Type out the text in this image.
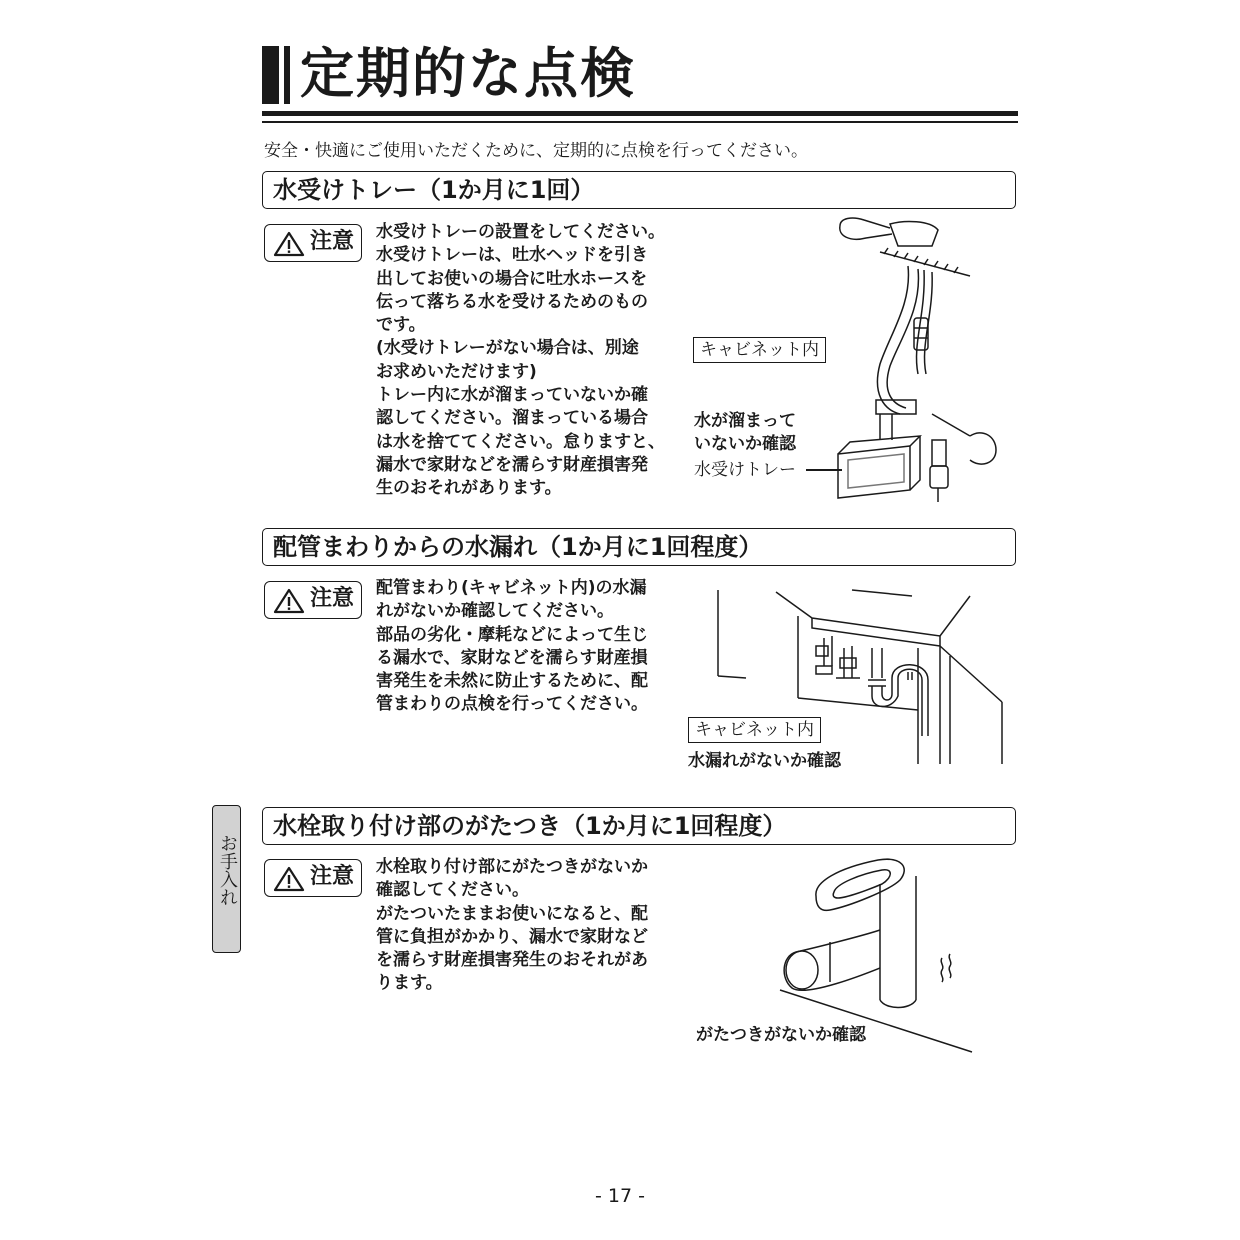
定期的な点検
安全・快適にご使用いただくために、定期的に点検を行ってください。
水受けトレー（1か月に1回）
注意 水受けトレーの設置をしてください。
水受けトレーは、吐水ヘッドを引き
出してお使いの場合に吐水ホースを
伝って落ちる水を受けるためのもの
です。
(水受けトレーがない場合は、別途
お求めいただけます)
トレー内に水が溜まっていないか確
認してください。溜まっている場合
は水を捨ててください。怠りますと、
漏水で家財などを濡らす財産損害発
生のおそれがあります。
キャビネット内
水が溜まって
いないか確認
水受けトレー
配管まわりからの水漏れ（1か月に1回程度）
注意 配管まわり(キャビネット内)の水漏
れがないか確認してください。
部品の劣化・摩耗などによって生じ
る漏水で、家財などを濡らす財産損
害発生を未然に防止するために、配
管まわりの点検を行ってください。
キャビネット内
水漏れがないか確認
水栓取り付け部のがたつき（1か月に1回程度）
注意 水栓取り付け部にがたつきがないか
確認してください。
がたついたままお使いになると、配
管に負担がかかり、漏水で家財など
を濡らす財産損害発生のおそれがあ
ります。
がたつきがないか確認
お手入れ
- 17 -
